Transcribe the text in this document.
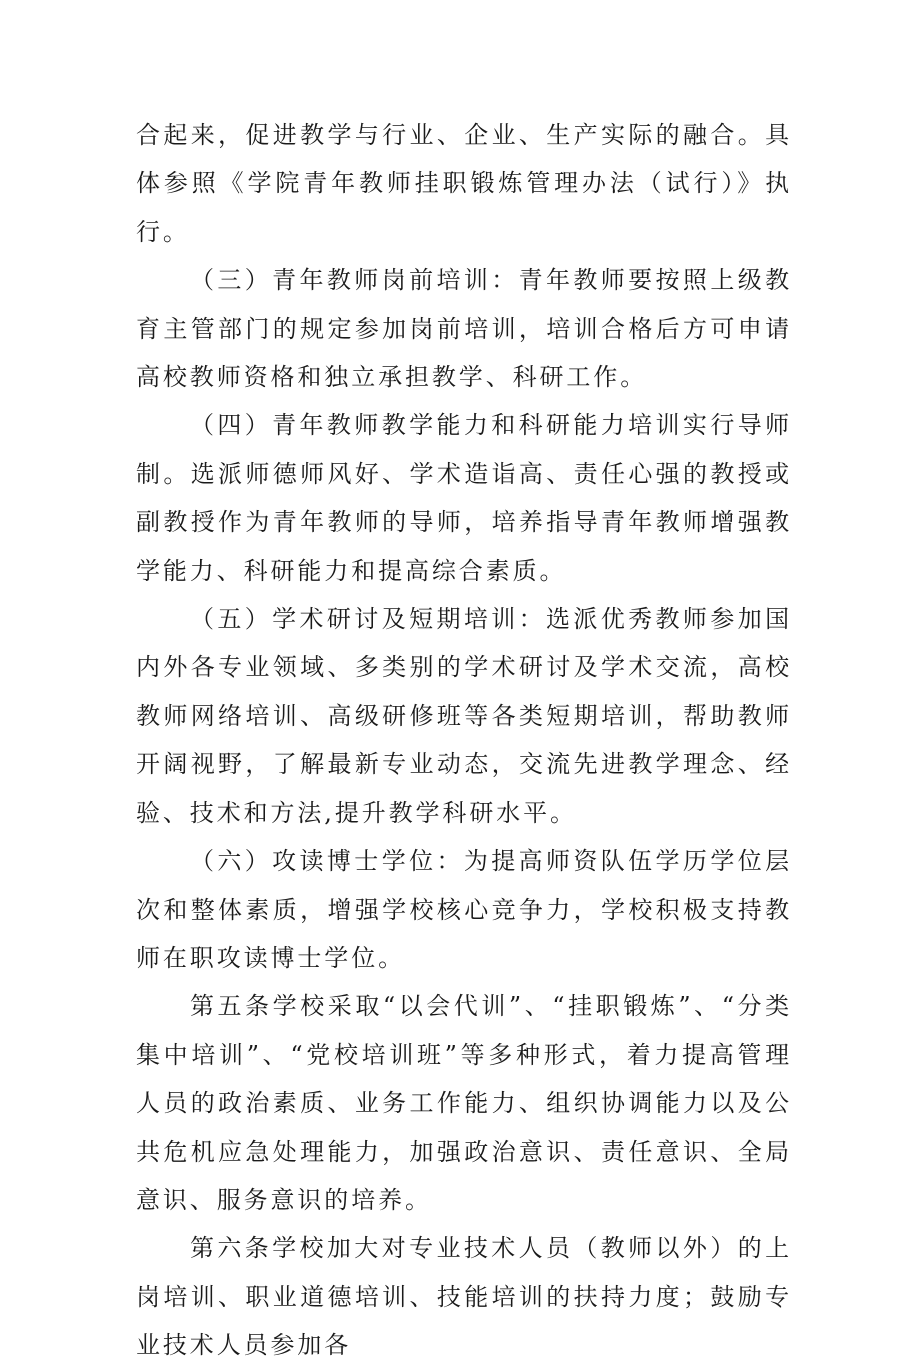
合起来，促进教学与行业、企业、生产实际的融合。具体参照《学院青年教师挂职锻炼管理办法（试行）》执行。

（三）青年教师岗前培训：青年教师要按照上级教育主管部门的规定参加岗前培训，培训合格后方可申请高校教师资格和独立承担教学、科研工作。

（四）青年教师教学能力和科研能力培训实行导师制。选派师德师风好、学术造诣高、责任心强的教授或副教授作为青年教师的导师，培养指导青年教师增强教学能力、科研能力和提高综合素质。

（五）学术研讨及短期培训：选派优秀教师参加国内外各专业领域、多类别的学术研讨及学术交流，高校教师网络培训、高级研修班等各类短期培训，帮助教师开阔视野，了解最新专业动态，交流先进教学理念、经验、技术和方法,提升教学科研水平。

（六）攻读博士学位：为提高师资队伍学历学位层次和整体素质，增强学校核心竞争力，学校积极支持教师在职攻读博士学位。

第五条学校采取“以会代训”、“挂职锻炼”、“分类集中培训”、“党校培训班”等多种形式，着力提高管理人员的政治素质、业务工作能力、组织协调能力以及公共危机应急处理能力，加强政治意识、责任意识、全局意识、服务意识的培养。

第六条学校加大对专业技术人员（教师以外）的上岗培训、职业道德培训、技能培训的扶持力度；鼓励专业技术人员参加各
